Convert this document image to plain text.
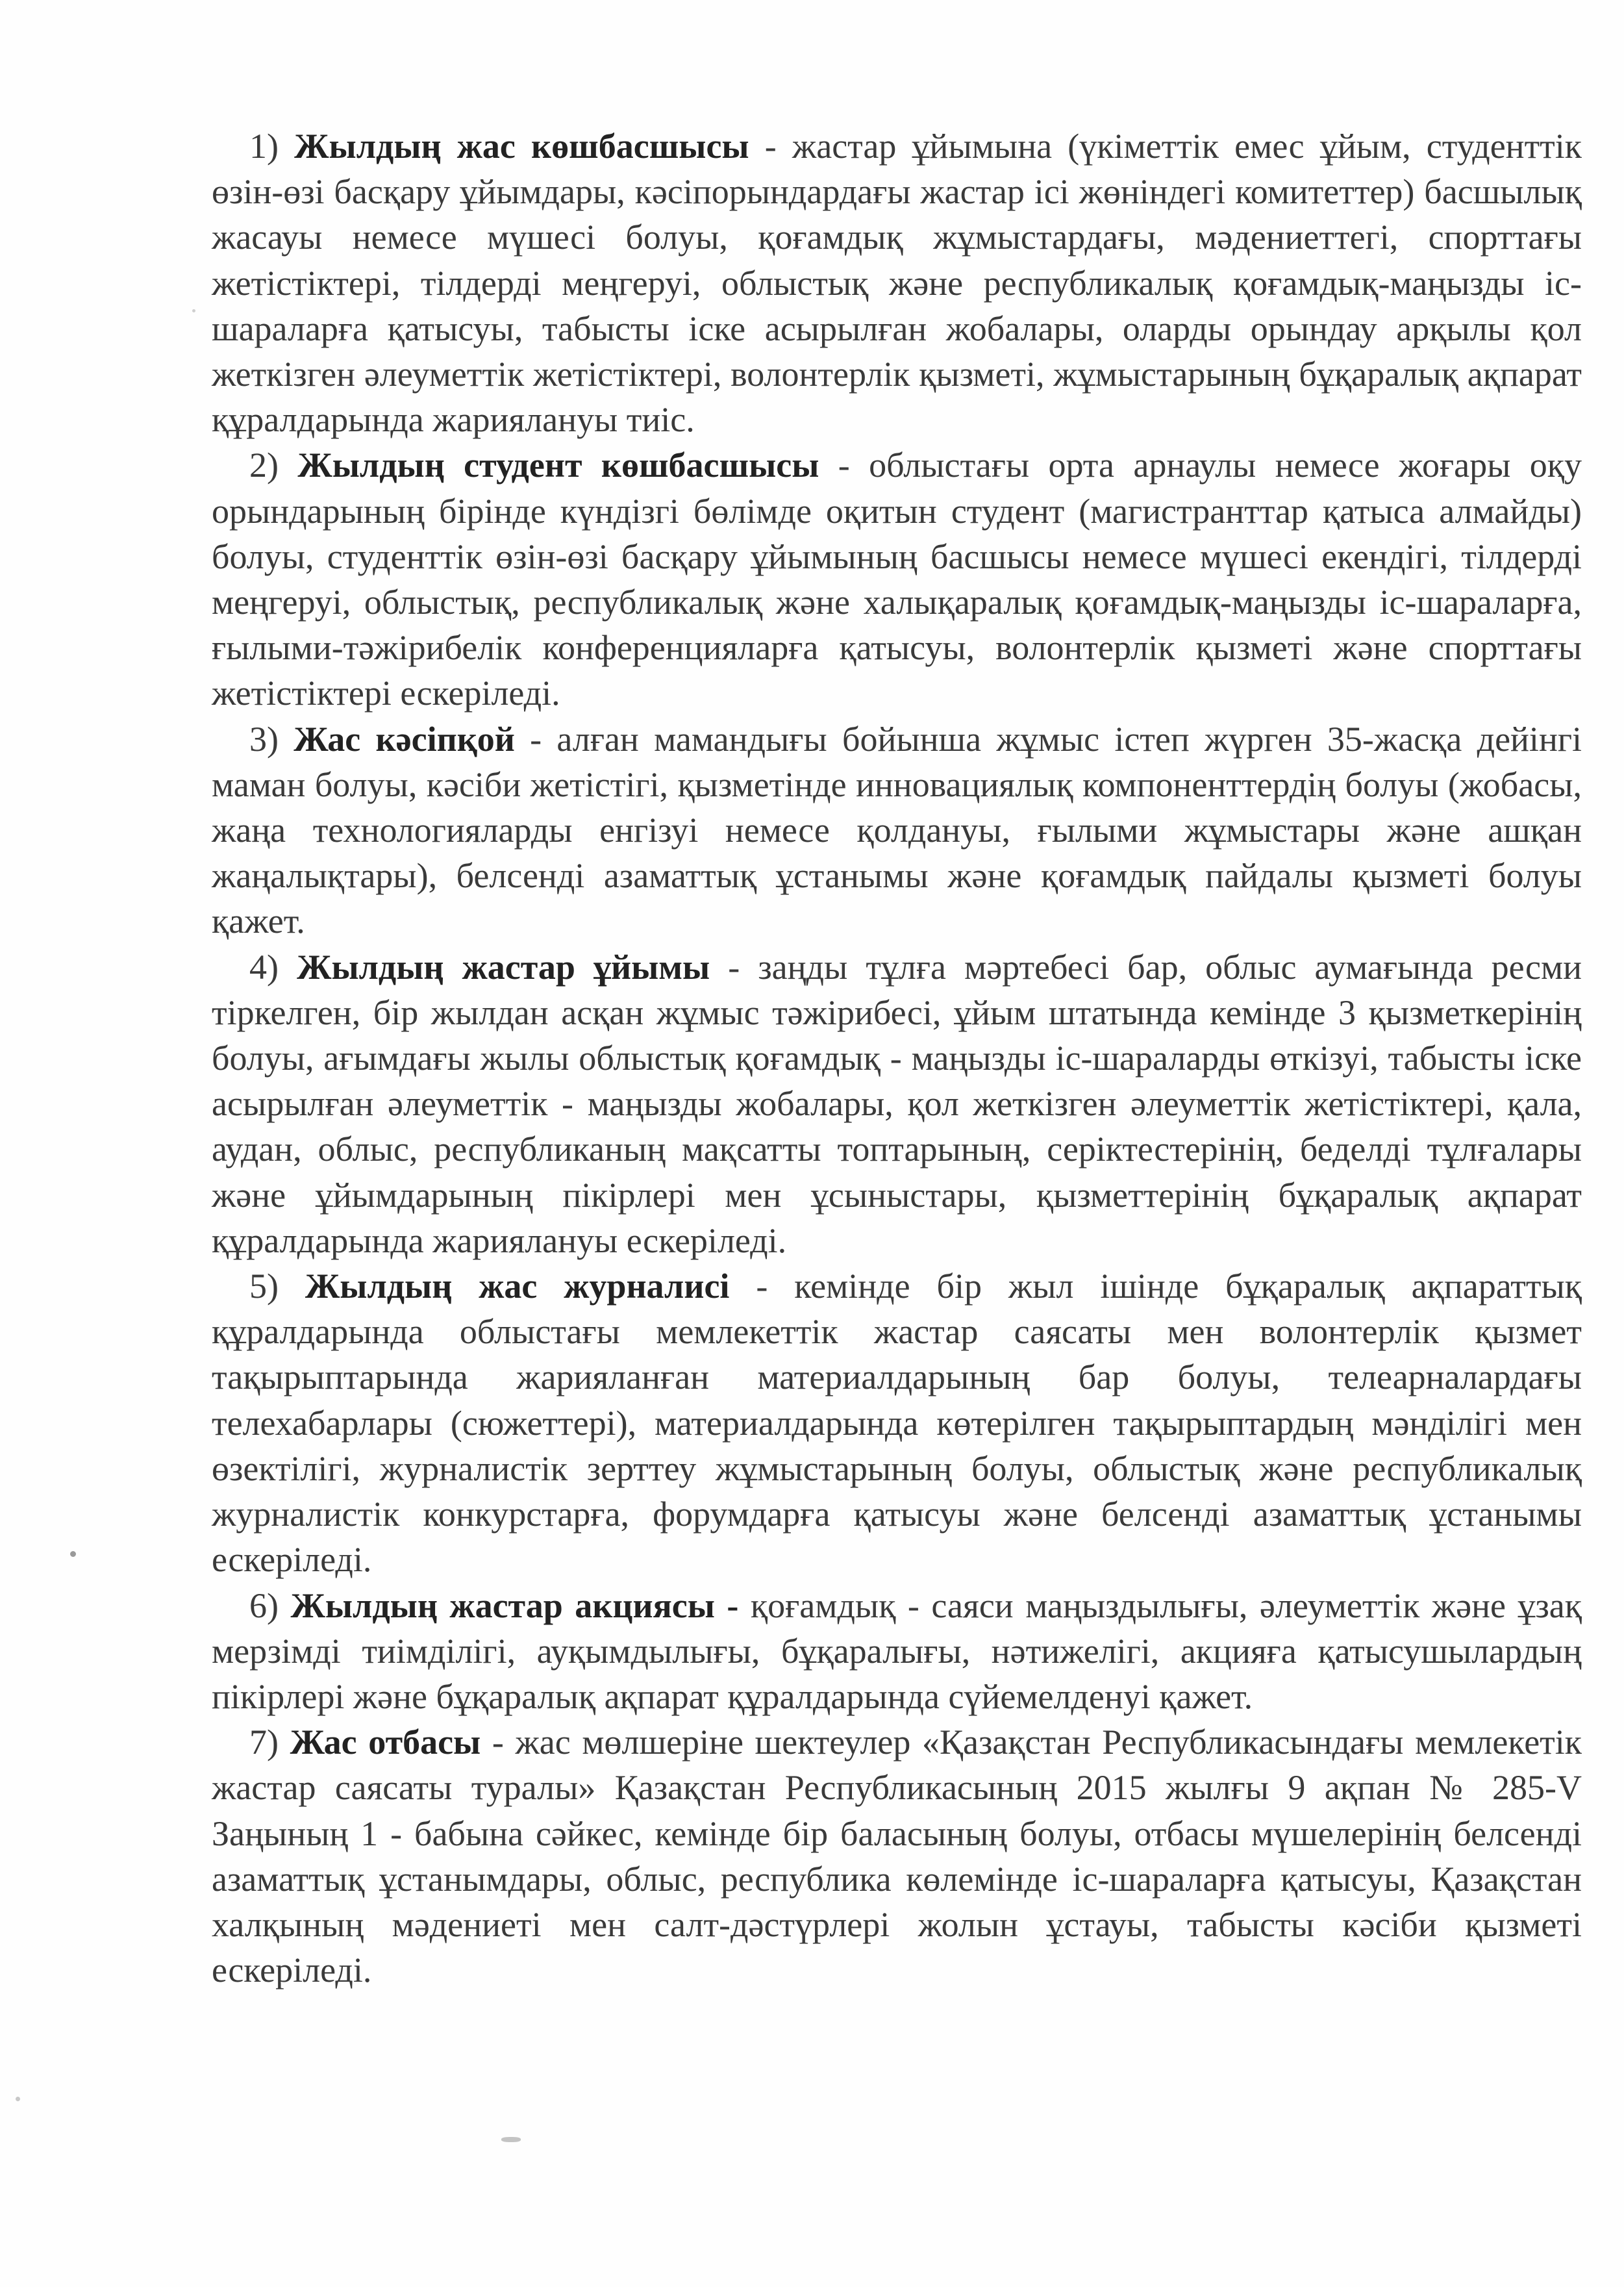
1) Жылдың жас көшбасшысы - жастар ұйымына (үкіметтік емес ұйым, студенттік өзін-өзі басқару ұйымдары, кәсіпорындардағы жастар ісі жөніндегі комитеттер) басшылық жасауы немесе мүшесі болуы, қоғамдық жұмыстардағы, мәдениеттегі, спорттағы жетістіктері, тілдерді меңгеруі, облыстық және республикалық қоғамдық-маңызды іс-шараларға қатысуы, табысты іске асырылған жобалары, оларды орындау арқылы қол жеткізген әлеуметтік жетістіктері, волонтерлік қызметі, жұмыстарының бұқаралық ақпарат құралдарында жариялануы тиіс.

2) Жылдың студент көшбасшысы - облыстағы орта арнаулы немесе жоғары оқу орындарының бірінде күндізгі бөлімде оқитын студент (магистранттар қатыса алмайды) болуы, студенттік өзін-өзі басқару ұйымының басшысы немесе мүшесі екендігі, тілдерді меңгеруі, облыстық, республикалық және халықаралық қоғамдық-маңызды іс-шараларға, ғылыми-тәжірибелік конференцияларға қатысуы, волонтерлік қызметі және спорттағы жетістіктері ескеріледі.

3) Жас кәсіпқой - алған мамандығы бойынша жұмыс істеп жүрген 35-жасқа дейінгі маман болуы, кәсіби жетістігі, қызметінде инновациялық компоненттердің болуы (жобасы, жаңа технологияларды енгізуі немесе қолдануы, ғылыми жұмыстары және ашқан жаңалықтары), белсенді азаматтық ұстанымы және қоғамдық пайдалы қызметі болуы қажет.

4) Жылдың жастар ұйымы - заңды тұлға мәртебесі бар, облыс аумағында ресми тіркелген, бір жылдан асқан жұмыс тәжірибесі, ұйым штатында кемінде 3 қызметкерінің болуы, ағымдағы жылы облыстық қоғамдық - маңызды іс-шараларды өткізуі, табысты іске асырылған әлеуметтік - маңызды жобалары, қол жеткізген әлеуметтік жетістіктері, қала, аудан, облыс, республиканың мақсатты топтарының, серіктестерінің, беделді тұлғалары және ұйымдарының пікірлері мен ұсыныстары, қызметтерінің бұқаралық ақпарат құралдарында жариялануы ескеріледі.

5) Жылдың жас журналисі - кемінде бір жыл ішінде бұқаралық ақпараттық құралдарында облыстағы мемлекеттік жастар саясаты мен волонтерлік қызмет тақырыптарында жарияланған материалдарының бар болуы, телеарналардағы телехабарлары (сюжеттері), материалдарында көтерілген тақырыптардың мәнділігі мен өзектілігі, журналистік зерттеу жұмыстарының болуы, облыстық және республикалық журналистік конкурстарға, форумдарға қатысуы және белсенді азаматтық ұстанымы ескеріледі.

6) Жылдың жастар акциясы - қоғамдық - саяси маңыздылығы, әлеуметтік және ұзақ мерзімді тиімділігі, ауқымдылығы, бұқаралығы, нәтижелігі, акцияға қатысушылардың пікірлері және бұқаралық ақпарат құралдарында сүйемелденуі қажет.

7) Жас отбасы - жас мөлшеріне шектеулер «Қазақстан Республикасындағы мемлекетік жастар саясаты туралы» Қазақстан Республикасының 2015 жылғы 9 ақпан № 285-V Заңының 1 - бабына сәйкес, кемінде бір баласының болуы, отбасы мүшелерінің белсенді азаматтық ұстанымдары, облыс, республика көлемінде іс-шараларға қатысуы, Қазақстан халқының мәдениеті мен салт-дәстүрлері жолын ұстауы, табысты кәсіби қызметі ескеріледі.
